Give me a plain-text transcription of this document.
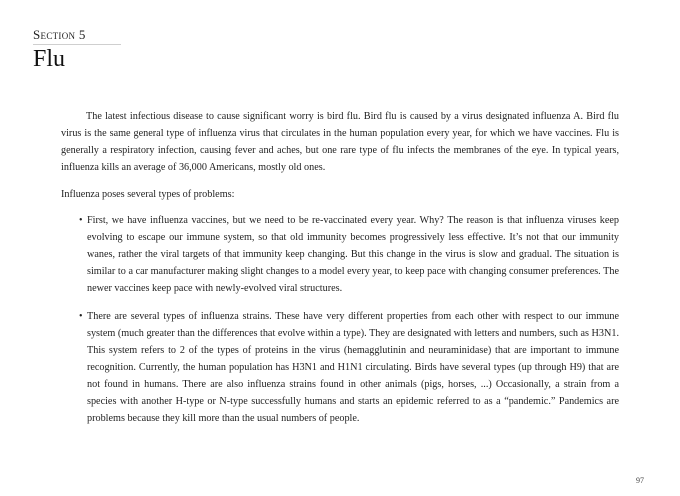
Section 5
Flu

The latest infectious disease to cause significant worry is bird flu. Bird flu is caused by a virus designated influenza A. Bird flu virus is the same general type of influenza virus that circulates in the human population every year, for which we have vaccines. Flu is generally a respiratory infection, causing fever and aches, but one rare type of flu infects the membranes of the eye. In typical years, influenza kills an average of 36,000 Americans, mostly old ones.

Influenza poses several types of problems:

• First, we have influenza vaccines, but we need to be re-vaccinated every year. Why? The reason is that influenza viruses keep evolving to escape our immune system, so that old immunity becomes progressively less effective. It’s not that our immunity wanes, rather the viral targets of that immunity keep changing. But this change in the virus is slow and gradual. The situation is similar to a car manufacturer making slight changes to a model every year, to keep pace with changing consumer preferences. The newer vaccines keep pace with newly-evolved viral structures.
• There are several types of influenza strains. These have very different properties from each other with respect to our immune system (much greater than the differences that evolve within a type). They are designated with letters and numbers, such as H3N1. This system refers to 2 of the types of proteins in the virus (hemagglutinin and neuraminidase) that are important to immune recognition. Currently, the human population has H3N1 and H1N1 circulating. Birds have several types (up through H9) that are not found in humans. There are also influenza strains found in other animals (pigs, horses, ...) Occasionally, a strain from a species with another H-type or N-type successfully humans and starts an epidemic referred to as a “pandemic.” Pandemics are problems because they kill more than the usual numbers of people.
97
